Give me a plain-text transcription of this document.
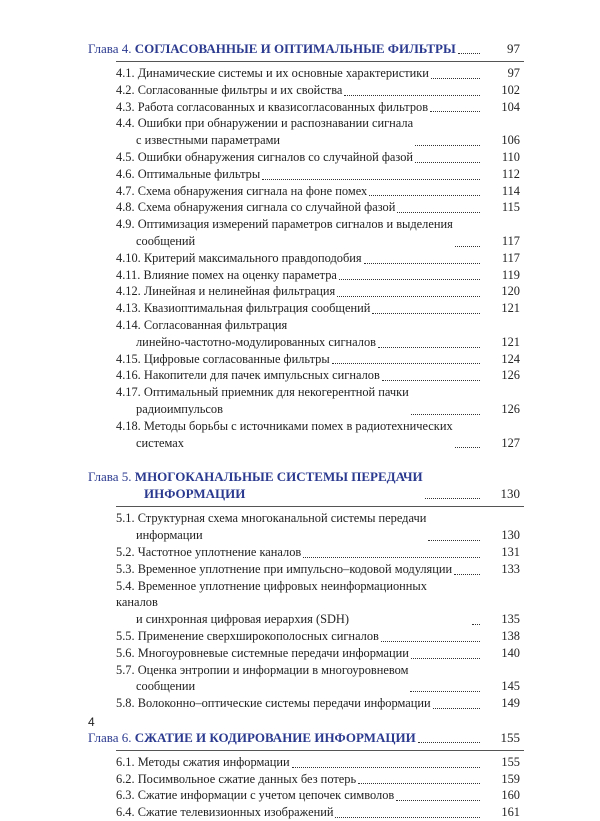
Глава 4. СОГЛАСОВАННЫЕ И ОПТИМАЛЬНЫЕ ФИЛЬТРЫ	97
4.1. Динамические системы и их основные характеристики	97
4.2. Согласованные фильтры и их свойства	102
4.3. Работа согласованных и квазисогласованных фильтров	104
4.4. Ошибки при обнаружении и распознавании сигнала
с известными параметрами	106
4.5. Ошибки обнаружения сигналов со случайной фазой	110
4.6. Оптимальные фильтры	112
4.7. Схема обнаружения сигнала на фоне помех	114
4.8. Схема обнаружения сигнала со случайной фазой	115
4.9. Оптимизация измерений параметров сигналов и выделения
сообщений	117
4.10. Критерий максимального правдоподобия	117
4.11. Влияние помех на оценку параметра	119
4.12. Линейная и нелинейная фильтрация	120
4.13. Квазиоптимальная фильтрация сообщений	121
4.14. Согласованная фильтрация
линейно-частотно-модулированных сигналов	121
4.15. Цифровые согласованные фильтры	124
4.16. Накопители для пачек импульсных сигналов	126
4.17. Оптимальный приемник для некогерентной пачки
радиоимпульсов	126
4.18. Методы борьбы с источниками помех в радиотехнических
системах	127
Глава 5. МНОГОКАНАЛЬНЫЕ СИСТЕМЫ ПЕРЕДАЧИ
ИНФОРМАЦИИ	130
5.1. Структурная схема многоканальной системы передачи
информации	130
5.2. Частотное уплотнение каналов	131
5.3. Временное уплотнение при импульсно–кодовой модуляции	133
5.4. Временное уплотнение цифровых неинформационных каналов
и синхронная цифровая иерархия (SDH)	135
5.5. Применение сверхширокополосных сигналов	138
5.6. Многоуровневые системные передачи информации	140
5.7. Оценка энтропии и информации в многоуровневом
сообщении	145
5.8. Волоконно–оптические системы передачи информации	149
Глава 6. СЖАТИЕ И КОДИРОВАНИЕ ИНФОРМАЦИИ	155
6.1. Методы сжатия информации	155
6.2. Посимвольное сжатие данных без потерь	159
6.3. Сжатие информации с учетом цепочек символов	160
6.4. Сжатие телевизионных изображений	161
4
